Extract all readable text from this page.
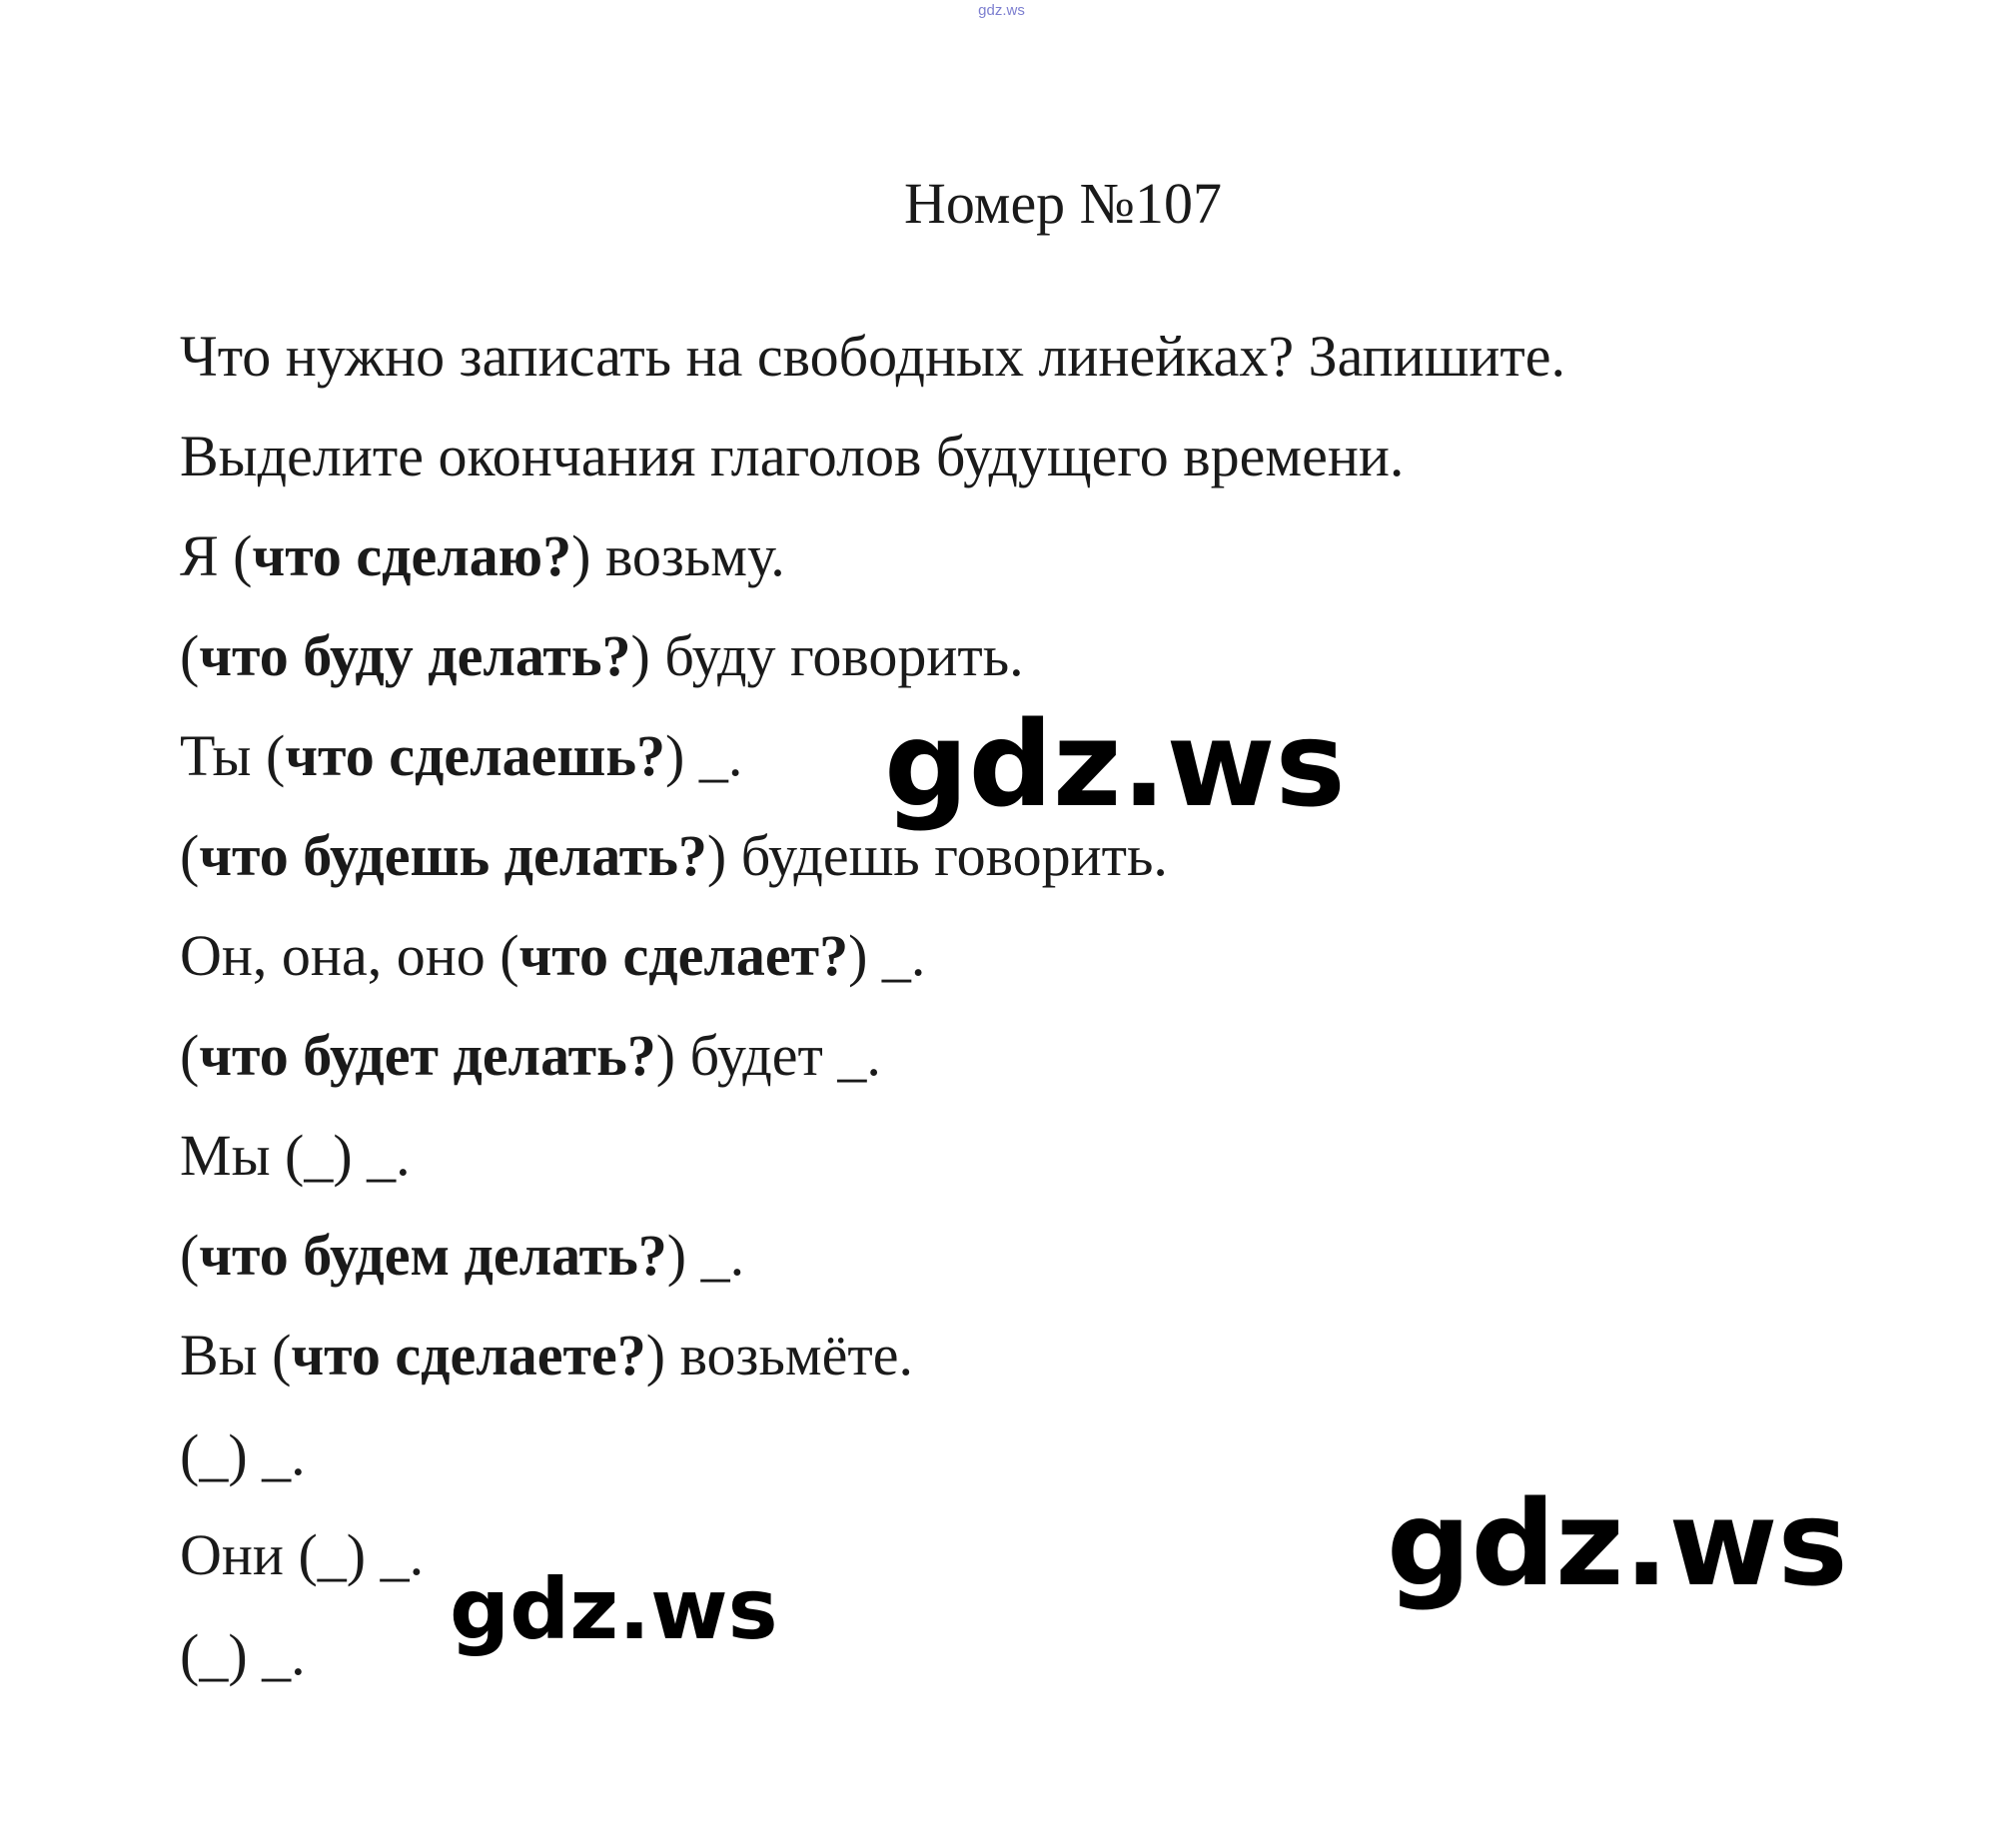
gdz.ws
Номер №107
Что нужно записать на свободных линейках? Запишите.
Выделите окончания глаголов будущего времени.
Я (что сделаю?) возьму.
(что буду делать?) буду говорить.
Ты (что сделаешь?) _.
(что будешь делать?) будешь говорить.
Он, она, оно (что сделает?) _.
(что будет делать?) будет _.
Мы (_) _.
(что будем делать?) _.
Вы (что сделаете?) возьмёте.
(_) _.
Они (_) _.
(_) _.
gdz.ws
gdz.ws
gdz.ws
